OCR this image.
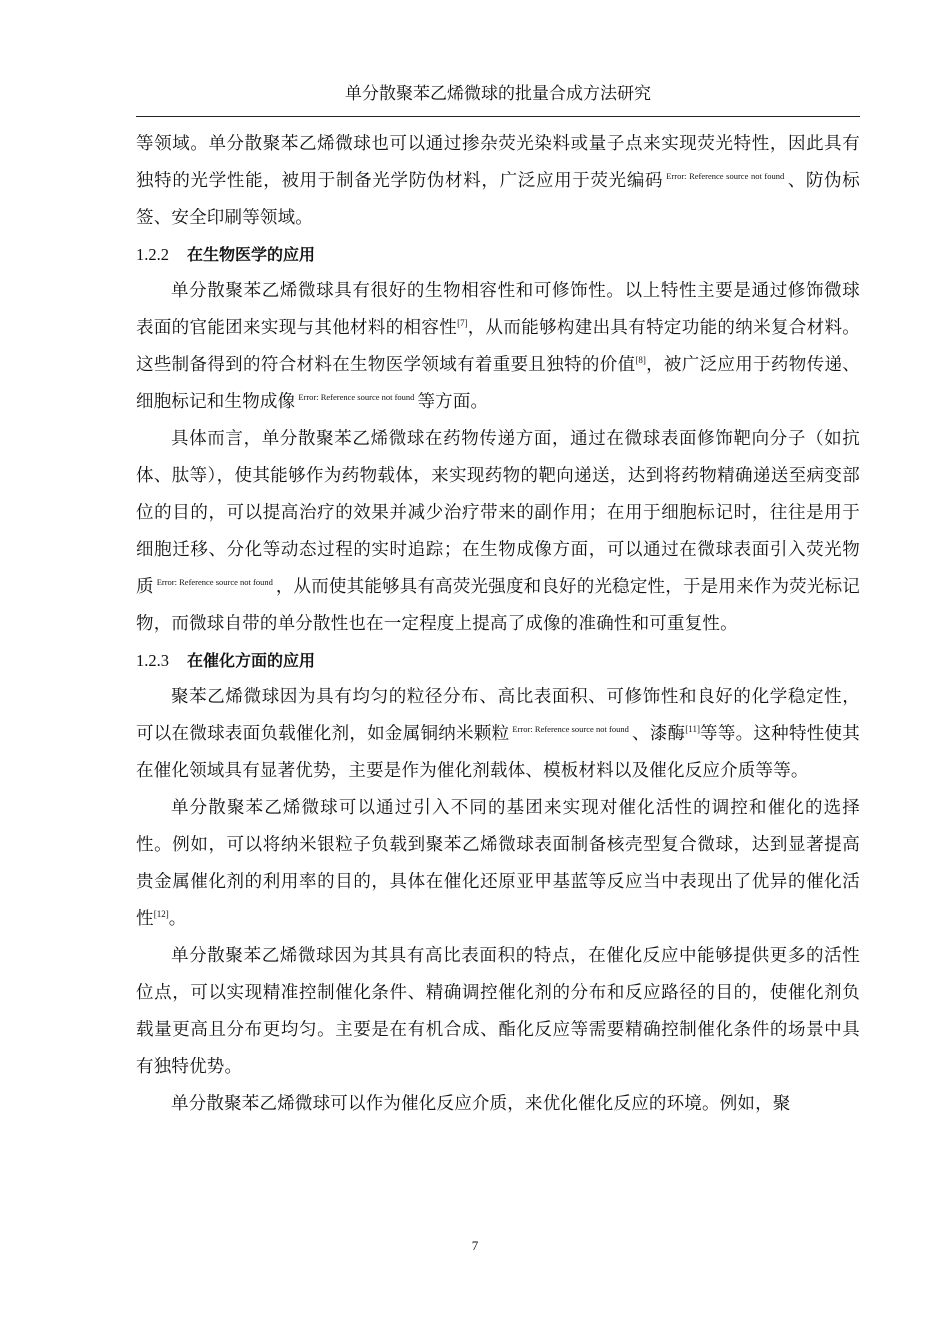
单分散聚苯乙烯微球的批量合成方法研究

等领域。单分散聚苯乙烯微球也可以通过掺杂荧光染料或量子点来实现荧光特性，因此具有独特的光学性能，被用于制备光学防伪材料，广泛应用于荧光编码 $^{Error: Reference source not found}$ 、防伪标签、安全印刷等领域。

1.2.2 在生物医学的应用

单分散聚苯乙烯微球具有很好的生物相容性和可修饰性。以上特性主要是通过修饰微球表面的官能团来实现与其他材料的相容性[7]，从而能够构建出具有特定功能的纳米复合材料。这些制备得到的符合材料在生物医学领域有着重要且独特的价值[8]，被广泛应用于药物传递、细胞标记和生物成像 $^{Error: Reference source not found}$ 等方面。

具体而言，单分散聚苯乙烯微球在药物传递方面，通过在微球表面修饰靶向分子（如抗体、肽等），使其能够作为药物载体，来实现药物的靶向递送，达到将药物精确递送至病变部位的目的，可以提高治疗的效果并减少治疗带来的副作用；在用于细胞标记时，往往是用于细胞迁移、分化等动态过程的实时追踪；在生物成像方面，可以通过在微球表面引入荧光物质 $^{Error: Reference source not found}$ ，从而使其能够具有高荧光强度和良好的光稳定性，于是用来作为荧光标记物，而微球自带的单分散性也在一定程度上提高了成像的准确性和可重复性。

1.2.3 在催化方面的应用

聚苯乙烯微球因为具有均匀的粒径分布、高比表面积、可修饰性和良好的化学稳定性，可以在微球表面负载催化剂，如金属铜纳米颗粒 $^{Error: Reference source not found}$ 、漆酶[11]等等。这种特性使其在催化领域具有显著优势，主要是作为催化剂载体、模板材料以及催化反应介质等等。

单分散聚苯乙烯微球可以通过引入不同的基团来实现对催化活性的调控和催化的选择性。例如，可以将纳米银粒子负载到聚苯乙烯微球表面制备核壳型复合微球，达到显著提高贵金属催化剂的利用率的目的，具体在催化还原亚甲基蓝等反应当中表现出了优异的催化活性[12]。

单分散聚苯乙烯微球因为其具有高比表面积的特点，在催化反应中能够提供更多的活性位点，可以实现精准控制催化条件、精确调控催化剂的分布和反应路径的目的，使催化剂负载量更高且分布更均匀。主要是在有机合成、酯化反应等需要精确控制催化条件的场景中具有独特优势。

单分散聚苯乙烯微球可以作为催化反应介质，来优化催化反应的环境。例如，聚

7
